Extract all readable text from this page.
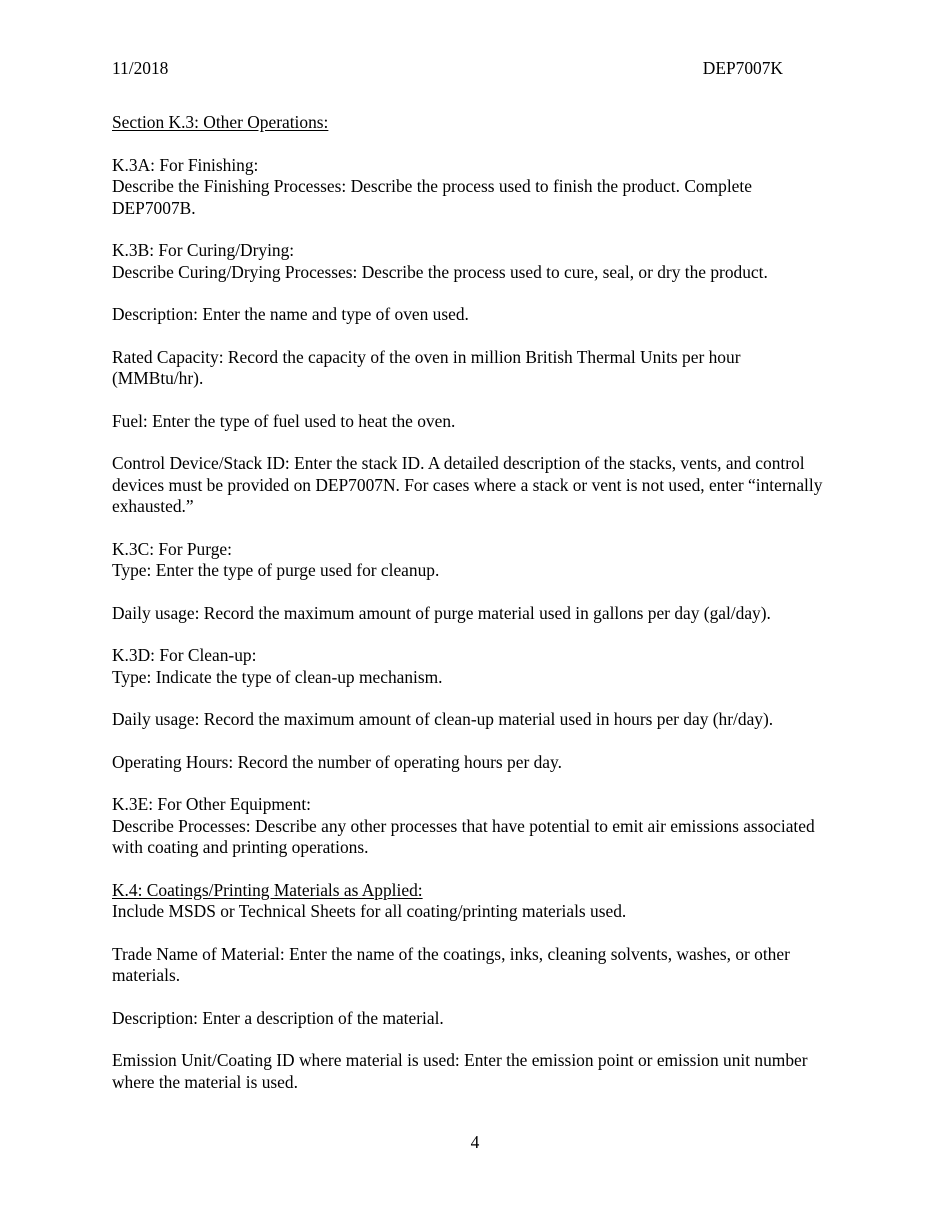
11/2018	DEP7007K

Section K.3: Other Operations:

K.3A: For Finishing:

Describe the Finishing Processes: Describe the process used to finish the product. Complete DEP7007B.

K.3B: For Curing/Drying:

Describe Curing/Drying Processes: Describe the process used to cure, seal, or dry the product.

Description: Enter the name and type of oven used.

Rated Capacity: Record the capacity of the oven in million British Thermal Units per hour (MMBtu/hr).

Fuel: Enter the type of fuel used to heat the oven.

Control Device/Stack ID: Enter the stack ID. A detailed description of the stacks, vents, and control devices must be provided on DEP7007N. For cases where a stack or vent is not used, enter “internally exhausted.”

K.3C: For Purge:

Type: Enter the type of purge used for cleanup.

Daily usage: Record the maximum amount of purge material used in gallons per day (gal/day).

K.3D: For Clean-up:

Type: Indicate the type of clean-up mechanism.

Daily usage: Record the maximum amount of clean-up material used in hours per day (hr/day).

Operating Hours: Record the number of operating hours per day.

K.3E: For Other Equipment:

Describe Processes: Describe any other processes that have potential to emit air emissions associated with coating and printing operations.

K.4: Coatings/Printing Materials as Applied:

Include MSDS or Technical Sheets for all coating/printing materials used.

Trade Name of Material: Enter the name of the coatings, inks, cleaning solvents, washes, or other materials.

Description: Enter a description of the material.

Emission Unit/Coating ID where material is used: Enter the emission point or emission unit number where the material is used.

4
